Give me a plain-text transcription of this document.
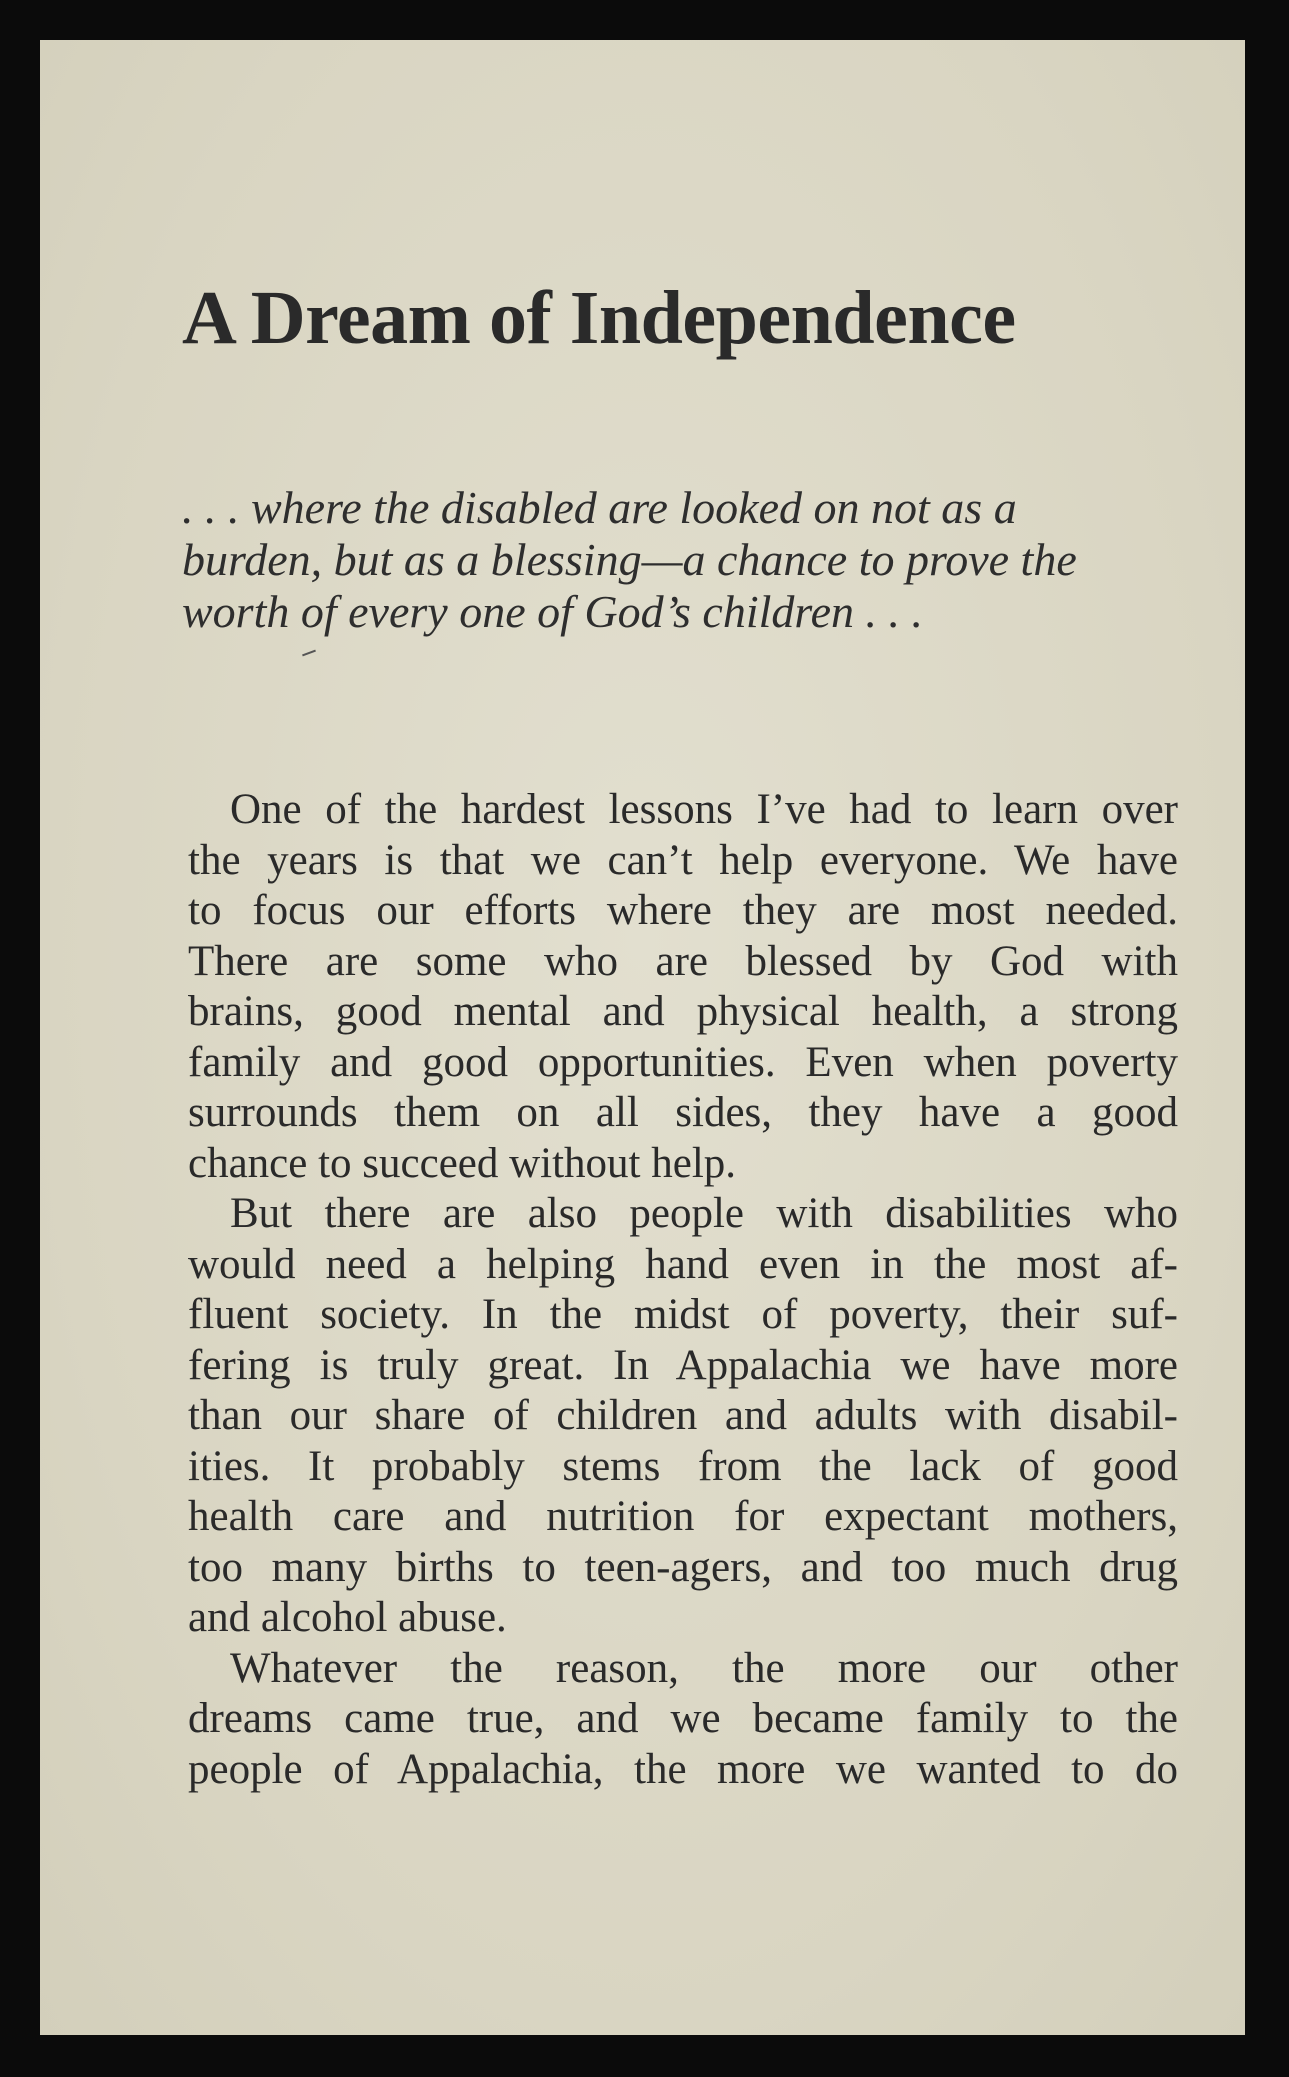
A Dream of Independence

. . . where the disabled are looked on not as a
burden, but as a blessing—a chance to prove the
worth of every one of God’s children . . .

One of the hardest lessons I’ve had to learn over
the years is that we can’t help everyone. We have
to focus our efforts where they are most needed.
There are some who are blessed by God with
brains, good mental and physical health, a strong
family and good opportunities. Even when poverty
surrounds them on all sides, they have a good
chance to succeed without help.
But there are also people with disabilities who
would need a helping hand even in the most af-
fluent society. In the midst of poverty, their suf-
fering is truly great. In Appalachia we have more
than our share of children and adults with disabil-
ities. It probably stems from the lack of good
health care and nutrition for expectant mothers,
too many births to teen-agers, and too much drug
and alcohol abuse.
Whatever the reason, the more our other
dreams came true, and we became family to the
people of Appalachia, the more we wanted to do
